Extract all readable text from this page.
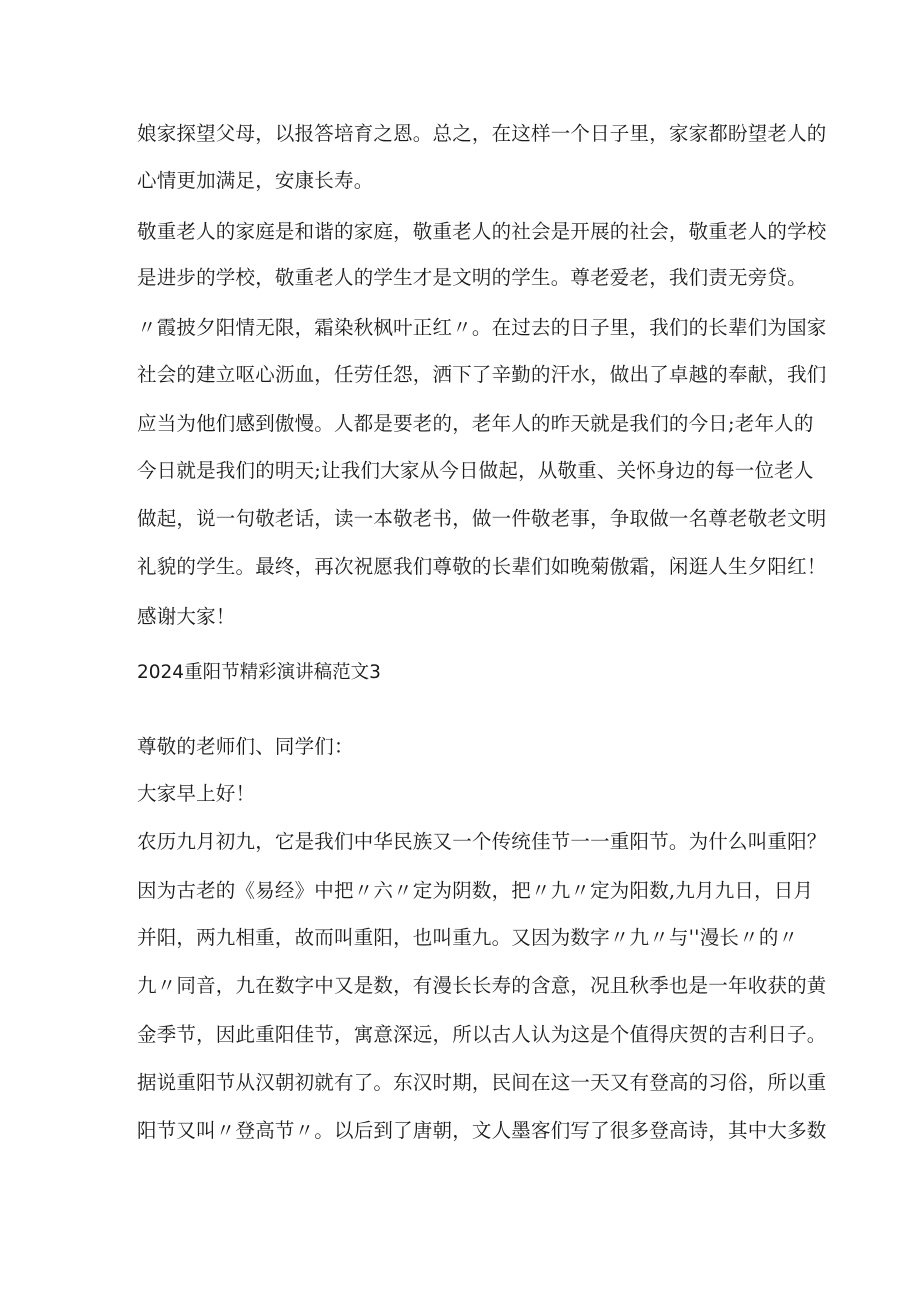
娘家探望父母，以报答培育之恩。总之，在这样一个日子里，家家都盼望老人的
心情更加满足，安康长寿。
敬重老人的家庭是和谐的家庭，敬重老人的社会是开展的社会，敬重老人的学校
是进步的学校，敬重老人的学生才是文明的学生。尊老爱老，我们责无旁贷。
〃霞披夕阳情无限，霜染秋枫叶正红〃。在过去的日子里，我们的长辈们为国家
社会的建立呕心沥血，任劳任怨，洒下了辛勤的汗水，做出了卓越的奉献，我们
应当为他们感到傲慢。人都是要老的，老年人的昨天就是我们的今日;老年人的
今日就是我们的明天;让我们大家从今日做起，从敬重、关怀身边的每一位老人
做起，说一句敬老话，读一本敬老书，做一件敬老事，争取做一名尊老敬老文明
礼貌的学生。最终，再次祝愿我们尊敬的长辈们如晚菊傲霜，闲逛人生夕阳红！
感谢大家！
2024重阳节精彩演讲稿范文3
尊敬的老师们、同学们：
大家早上好！
农历九月初九，它是我们中华民族又一个传统佳节一一重阳节。为什么叫重阳？
因为古老的《易经》中把〃六〃定为阴数，把〃九〃定为阳数,九月九日，日月
并阳，两九相重，故而叫重阳，也叫重九。又因为数字〃九〃与''漫长〃的〃
九〃同音，九在数字中又是数，有漫长长寿的含意，况且秋季也是一年收获的黄
金季节，因此重阳佳节，寓意深远，所以古人认为这是个值得庆贺的吉利日子。
据说重阳节从汉朝初就有了。东汉时期，民间在这一天又有登高的习俗，所以重
阳节又叫〃登高节〃。以后到了唐朝，文人墨客们写了很多登高诗，其中大多数
